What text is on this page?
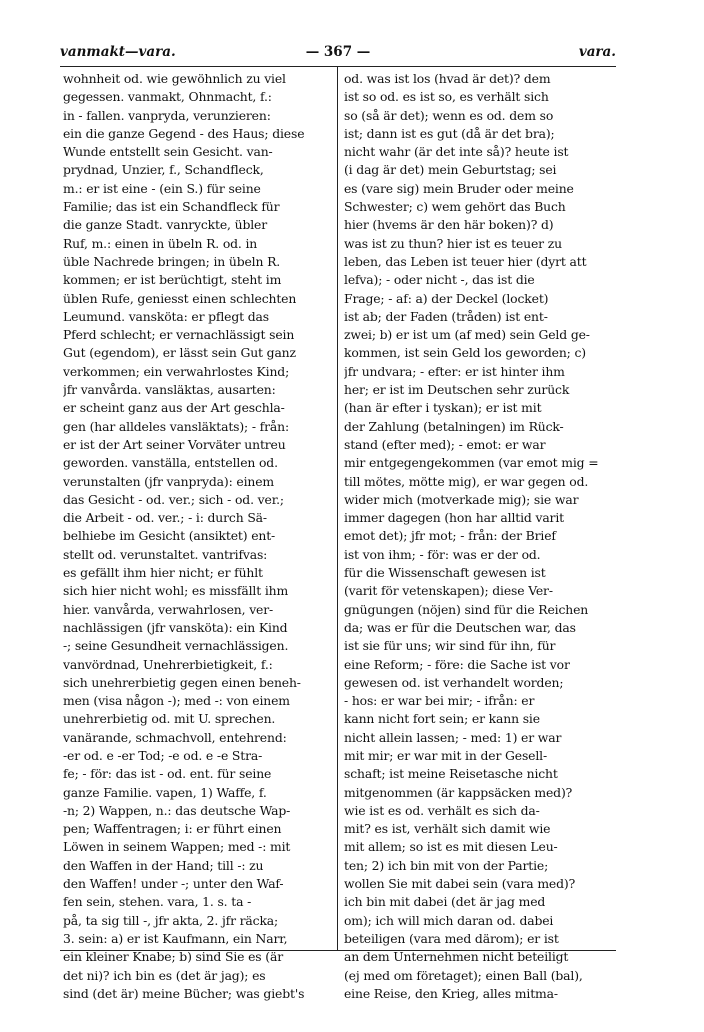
vanmakt—vara.	— 367 —	vara.
wohnheit od. wie gewöhnlich zu viel
gegessen. vanmakt, Ohnmacht, f.:
in - fallen. vanpryda, verunzieren:
ein die ganze Gegend - des Haus; diese
Wunde entstellt sein Gesicht. van-
prydnad, Unzier, f., Schandfleck,
m.: er ist eine - (ein S.) für seine
Familie; das ist ein Schandfleck für
die ganze Stadt. vanryckte, übler
Ruf, m.: einen in übeln R. od. in
üble Nachrede bringen; in übeln R.
kommen; er ist berüchtigt, steht im
üblen Rufe, geniesst einen schlechten
Leumund. vansköta: er pflegt das
Pferd schlecht; er vernachlässigt sein
Gut (egendom), er lässt sein Gut ganz
verkommen; ein verwahrlostes Kind;
jfr vanvårda. vansläktas, ausarten:
er scheint ganz aus der Art geschla-
gen (har alldeles vansläktats); - från:
er ist der Art seiner Vorväter untreu
geworden. vanställa, entstellen od.
verunstalten (jfr vanpryda): einem
das Gesicht - od. ver.; sich - od. ver.;
die Arbeit - od. ver.; - i: durch Sä-
belhiebe im Gesicht (ansiktet) ent-
stellt od. verunstaltet. vantrifvas:
es gefällt ihm hier nicht; er fühlt
sich hier nicht wohl; es missfällt ihm
hier. vanvårda, verwahrlosen, ver-
nachlässigen (jfr vansköta): ein Kind
-; seine Gesundheit vernachlässigen.
vanvördnad, Unehrerbietigkeit, f.:
sich unehrerbietig gegen einen beneh-
men (visa någon -); med -: von einem
unehrerbietig od. mit U. sprechen.
vanärande, schmachvoll, entehrend:
-er od. e -er Tod; -e od. e -e Stra-
fe; - för: das ist - od. ent. für seine
ganze Familie. vapen, 1) Waffe, f.
-n; 2) Wappen, n.: das deutsche Wap-
pen; Waffentragen; i: er führt einen
Löwen in seinem Wappen; med -: mit
den Waffen in der Hand; till -: zu
den Waffen! under -; unter den Waf-
fen sein, stehen. vara, 1. s. ta -
på, ta sig till -, jfr akta, 2. jfr räcka;
3. sein: a) er ist Kaufmann, ein Narr,
ein kleiner Knabe; b) sind Sie es (är
det ni)? ich bin es (det är jag); es
sind (det är) meine Bücher; was giebt's
od. was ist los (hvad är det)? dem
ist so od. es ist so, es verhält sich
so (så är det); wenn es od. dem so
ist; dann ist es gut (då är det bra);
nicht wahr (är det inte så)? heute ist
(i dag är det) mein Geburtstag; sei
es (vare sig) mein Bruder oder meine
Schwester; c) wem gehört das Buch
hier (hvems är den här boken)? d)
was ist zu thun? hier ist es teuer zu
leben, das Leben ist teuer hier (dyrt att
lefva); - oder nicht -, das ist die
Frage; - af: a) der Deckel (locket)
ist ab; der Faden (tråden) ist ent-
zwei; b) er ist um (af med) sein Geld ge-
kommen, ist sein Geld los geworden; c)
jfr undvara; - efter: er ist hinter ihm
her; er ist im Deutschen sehr zurück
(han är efter i tyskan); er ist mit
der Zahlung (betalningen) im Rück-
stand (efter med); - emot: er war
mir entgegengekommen (var emot mig =
till mötes, mötte mig), er war gegen od.
wider mich (motverkade mig); sie war
immer dagegen (hon har alltid varit
emot det); jfr mot; - från: der Brief
ist von ihm; - för: was er der od.
für die Wissenschaft gewesen ist
(varit för vetenskapen); diese Ver-
gnügungen (nöjen) sind für die Reichen
da; was er für die Deutschen war, das
ist sie für uns; wir sind für ihn, für
eine Reform; - före: die Sache ist vor
gewesen od. ist verhandelt worden;
- hos: er war bei mir; - ifrån: er
kann nicht fort sein; er kann sie
nicht allein lassen; - med: 1) er war
mit mir; er war mit in der Gesell-
schaft; ist meine Reisetasche nicht
mitgenommen (är kappsäcken med)?
wie ist es od. verhält es sich da-
mit? es ist, verhält sich damit wie
mit allem; so ist es mit diesen Leu-
ten; 2) ich bin mit von der Partie;
wollen Sie mit dabei sein (vara med)?
ich bin mit dabei (det är jag med
om); ich will mich daran od. dabei
beteiligen (vara med därom); er ist
an dem Unternehmen nicht beteiligt
(ej med om företaget); einen Ball (bal),
eine Reise, den Krieg, alles mitma-
